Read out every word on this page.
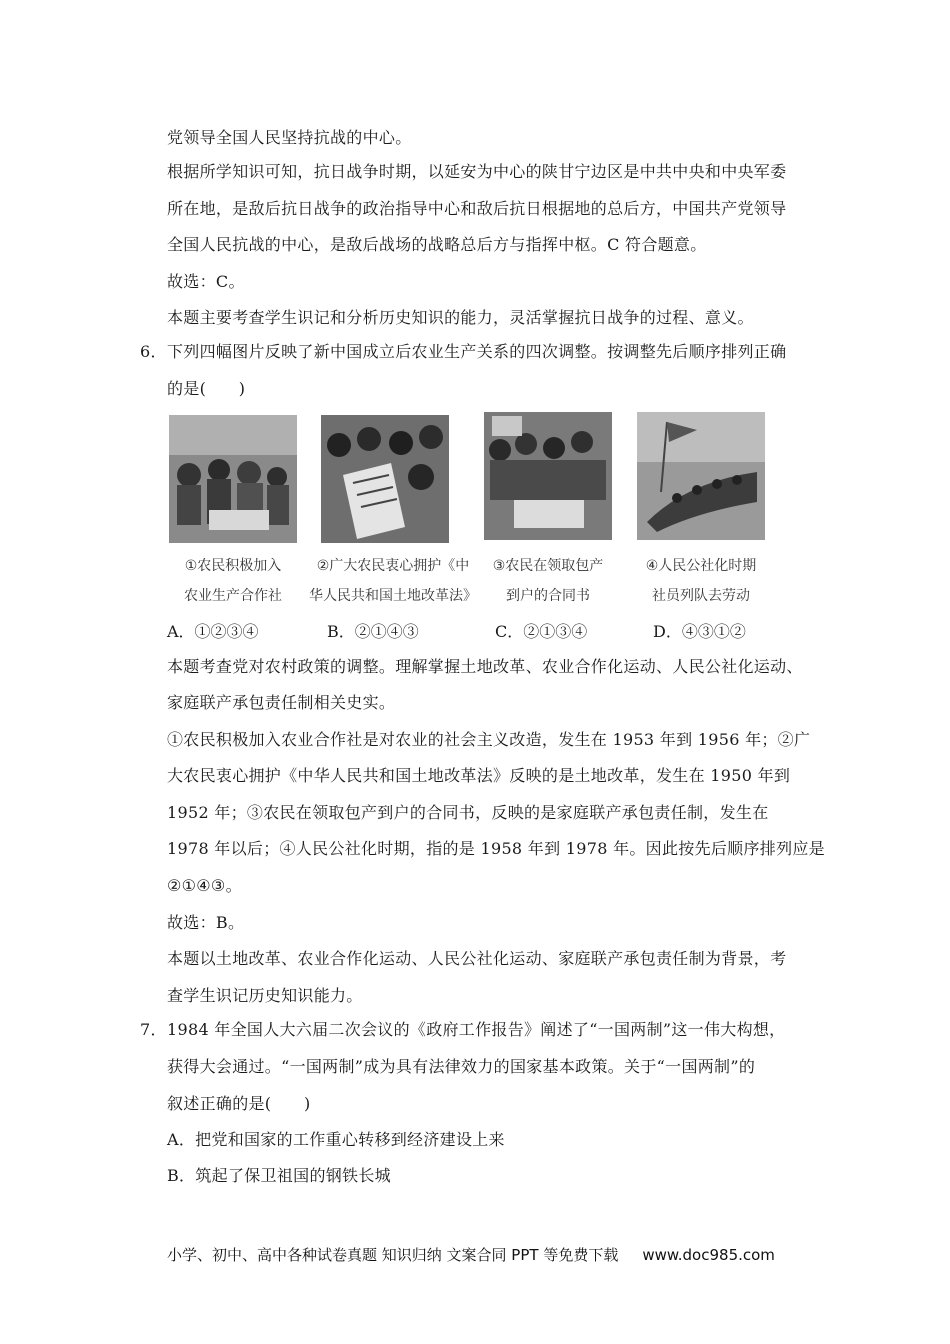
党领导全国人民坚持抗战的中心。
根据所学知识可知，抗日战争时期，以延安为中心的陕甘宁边区是中共中央和中央军委
所在地，是敌后抗日战争的政治指导中心和敌后抗日根据地的总后方，中国共产党领导
全国人民抗战的中心，是敌后战场的战略总后方与指挥中枢。C 符合题意。
故选：C。
本题主要考查学生识记和分析历史知识的能力，灵活掌握抗日战争的过程、意义。
6． 下列四幅图片反映了新中国成立后农业生产关系的四次调整。按调整先后顺序排列正确
的是(　　)
①农民积极加入
农业生产合作社
②广大农民衷心拥护《中
华人民共和国土地改革法》
③农民在领取包产
到户的合同书
④人民公社化时期
社员列队去劳动
A．①②③④	B．②①④③	C．②①③④	D．④③①②
本题考查党对农村政策的调整。理解掌握土地改革、农业合作化运动、人民公社化运动、
家庭联产承包责任制相关史实。
①农民积极加入农业合作社是对农业的社会主义改造，发生在 1953 年到 1956 年；②广
大农民衷心拥护《中华人民共和国土地改革法》反映的是土地改革，发生在 1950 年到
1952 年；③农民在领取包产到户的合同书，反映的是家庭联产承包责任制，发生在
1978 年以后；④人民公社化时期，指的是 1958 年到 1978 年。因此按先后顺序排列应是
②①④③。
故选：B。
本题以土地改革、农业合作化运动、人民公社化运动、家庭联产承包责任制为背景，考
查学生识记历史知识能力。
7． 1984 年全国人大六届二次会议的《政府工作报告》阐述了“一国两制”这一伟大构想，
获得大会通过。“一国两制”成为具有法律效力的国家基本政策。关于“一国两制”的
叙述正确的是(　　)
A．把党和国家的工作重心转移到经济建设上来
B．筑起了保卫祖国的钢铁长城
小学、初中、高中各种试卷真题 知识归纳 文案合同 PPT 等免费下载 www.doc985.com
